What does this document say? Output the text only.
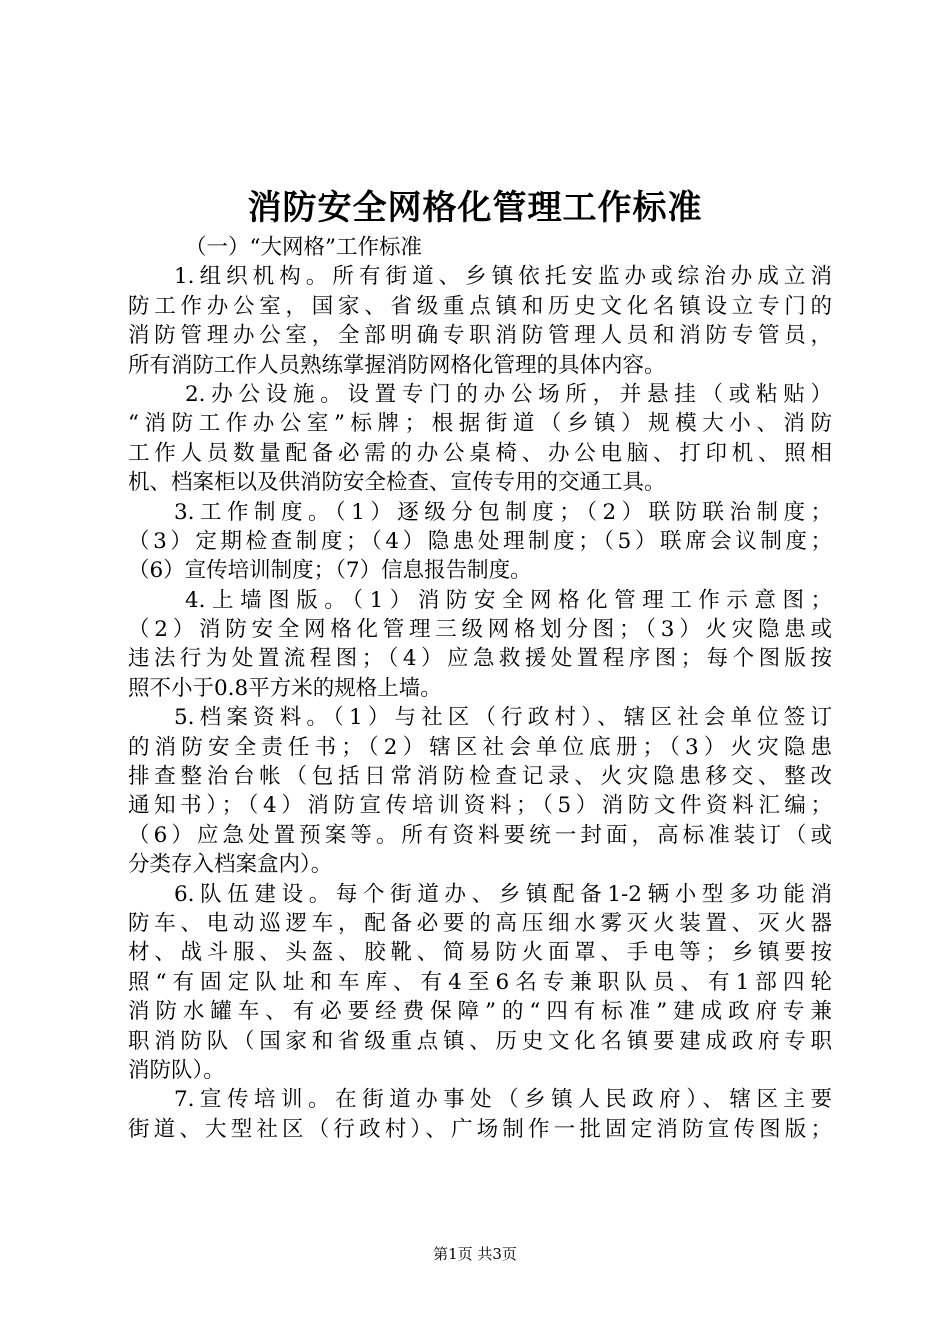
消防安全网格化管理工作标准
（一）“大网格”工作标准
1.组织机构。所有街道、乡镇依托安监办或综治办成立消
防工作办公室，国家、省级重点镇和历史文化名镇设立专门的
消防管理办公室，全部明确专职消防管理人员和消防专管员，
所有消防工作人员熟练掌握消防网格化管理的具体内容。
2.办公设施。设置专门的办公场所，并悬挂（或粘贴）
“消防工作办公室”标牌；根据街道（乡镇）规模大小、消防
工作人员数量配备必需的办公桌椅、办公电脑、打印机、照相
机、档案柜以及供消防安全检查、宣传专用的交通工具。
3.工作制度。（1）逐级分包制度；（2）联防联治制度；
（3）定期检查制度；（4）隐患处理制度；（5）联席会议制度；
（6）宣传培训制度；（7）信息报告制度。
4.上墙图版。（1）消防安全网格化管理工作示意图；
（2）消防安全网格化管理三级网格划分图；（3）火灾隐患或
违法行为处置流程图；（4）应急救援处置程序图；每个图版按
照不小于0.8平方米的规格上墙。
5.档案资料。（1）与社区（行政村）、辖区社会单位签订
的消防安全责任书；（2）辖区社会单位底册；（3）火灾隐患
排查整治台帐（包括日常消防检查记录、火灾隐患移交、整改
通知书）；（4）消防宣传培训资料；（5）消防文件资料汇编；
（6）应急处置预案等。所有资料要统一封面，高标准装订（或
分类存入档案盒内）。
6.队伍建设。每个街道办、乡镇配备1-2辆小型多功能消
防车、电动巡逻车，配备必要的高压细水雾灭火装置、灭火器
材、战斗服、头盔、胶靴、简易防火面罩、手电等；乡镇要按
照“有固定队址和车库、有4至6名专兼职队员、有1部四轮
消防水罐车、有必要经费保障”的“四有标准”建成政府专兼
职消防队（国家和省级重点镇、历史文化名镇要建成政府专职
消防队）。
7.宣传培训。在街道办事处（乡镇人民政府）、辖区主要
街道、大型社区（行政村）、广场制作一批固定消防宣传图版；
第1页 共3页
